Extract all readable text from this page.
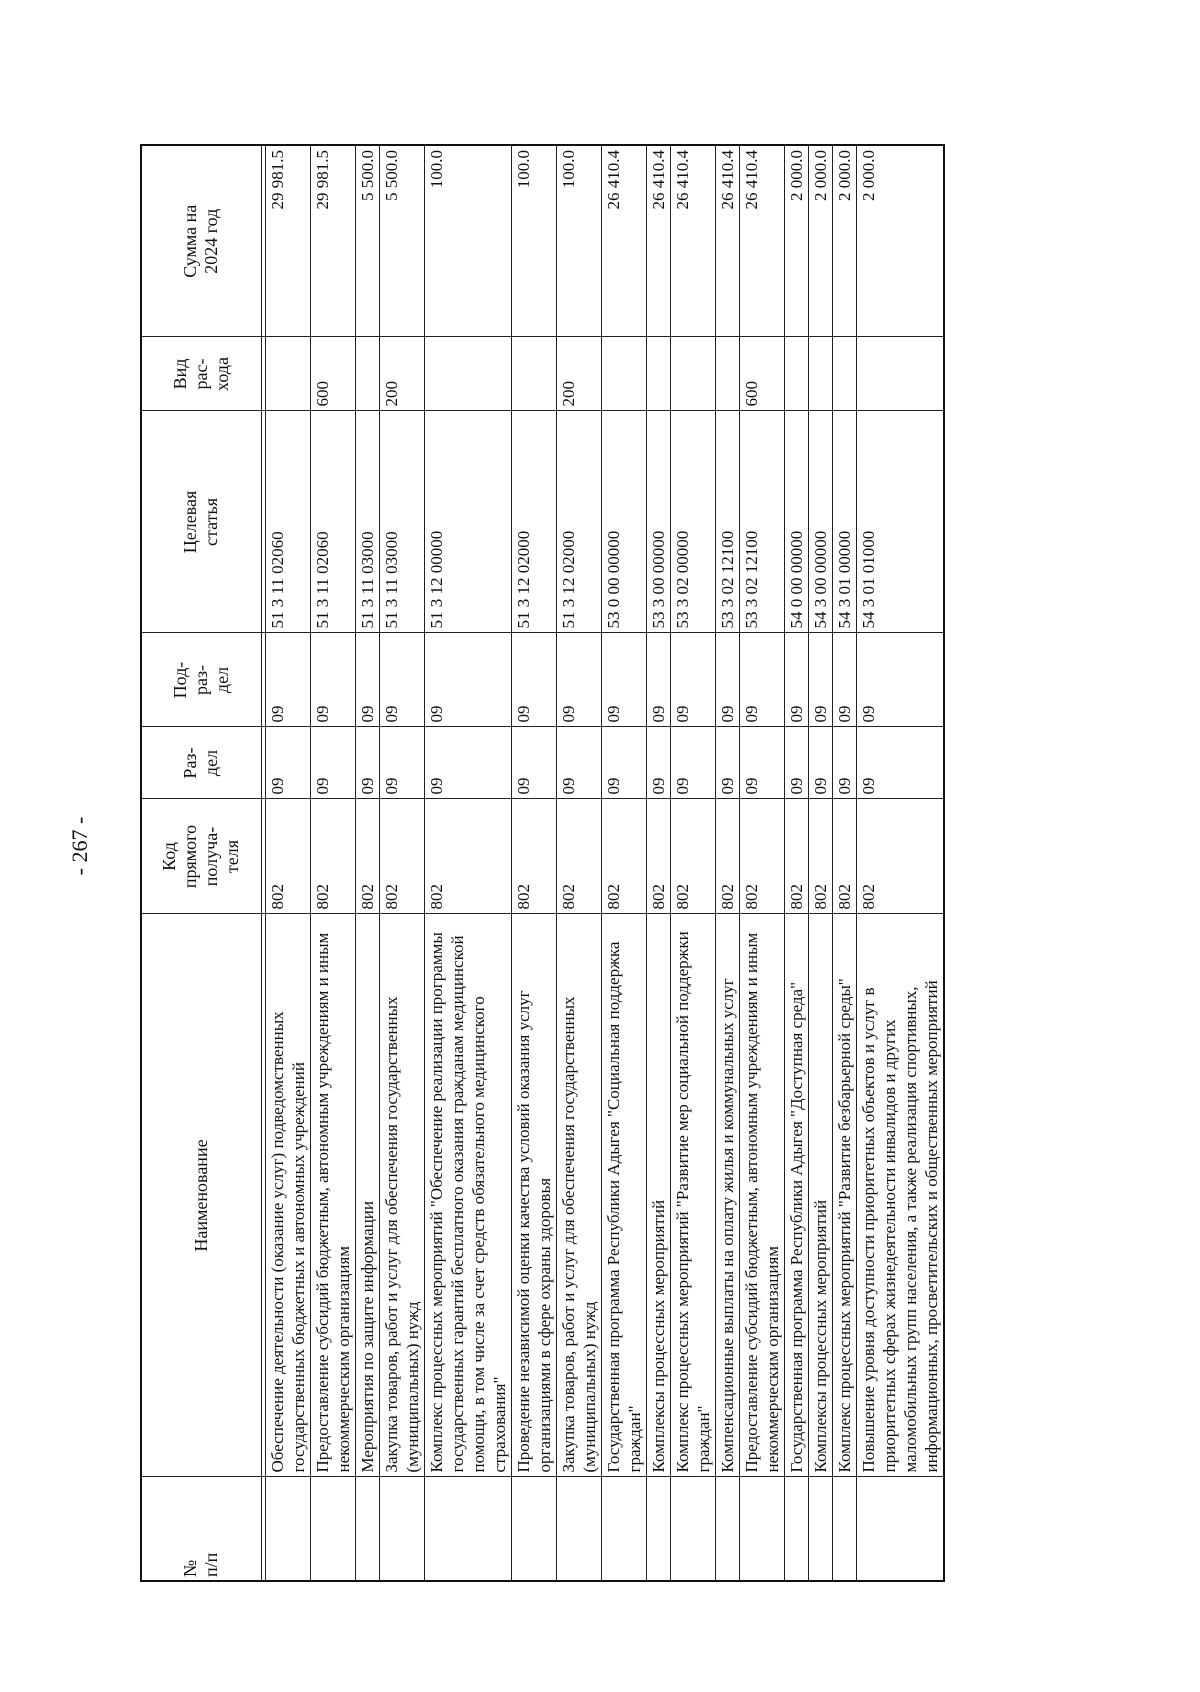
- 267 -
№
п/п	Наименование	Код
прямого
получа-
теля	Раз-
дел	Под-
раз-
дел	Целевая
статья	Вид
рас-
хода	Сумма на
2024 год

	Обеспечение деятельности (оказание услуг) подведомственных государственных бюджетных и автономных учреждений	802	09	09	51 3 11 02060		29 981.5
	Предоставление субсидий бюджетным, автономным учреждениям и иным некоммерческим организациям	802	09	09	51 3 11 02060	600	29 981.5
	Мероприятия по защите информации	802	09	09	51 3 11 03000		5 500.0
	Закупка товаров, работ и услуг для обеспечения государственных (муниципальных) нужд	802	09	09	51 3 11 03000	200	5 500.0
	Комплекс процессных мероприятий "Обеспечение реализации программы государственных гарантий бесплатного оказания гражданам медицинской помощи, в том числе за счет средств обязательного медицинского страхования"	802	09	09	51 3 12 00000		100.0
	Проведение независимой оценки качества условий оказания услуг организациями в сфере охраны здоровья	802	09	09	51 3 12 02000		100.0
	Закупка товаров, работ и услуг для обеспечения государственных (муниципальных) нужд	802	09	09	51 3 12 02000	200	100.0
	Государственная программа Республики Адыгея "Социальная поддержка граждан"	802	09	09	53 0 00 00000		26 410.4
	Комплексы процессных мероприятий	802	09	09	53 3 00 00000		26 410.4
	Комплекс процессных мероприятий "Развитие мер социальной поддержки граждан"	802	09	09	53 3 02 00000		26 410.4
	Компенсационные выплаты на оплату жилья и коммунальных услуг	802	09	09	53 3 02 12100		26 410.4
	Предоставление субсидий бюджетным, автономным учреждениям и иным некоммерческим организациям	802	09	09	53 3 02 12100	600	26 410.4
	Государственная программа Республики Адыгея "Доступная среда"	802	09	09	54 0 00 00000		2 000.0
	Комплексы процессных мероприятий	802	09	09	54 3 00 00000		2 000.0
	Комплекс процессных мероприятий "Развитие безбарьерной среды"	802	09	09	54 3 01 00000		2 000.0
	Повышение уровня доступности приоритетных объектов и услуг в приоритетных сферах жизнедеятельности инвалидов и других маломобильных групп населения, а также реализация спортивных, информационных, просветительских и общественных мероприятий	802	09	09	54 3 01 01000		2 000.0
